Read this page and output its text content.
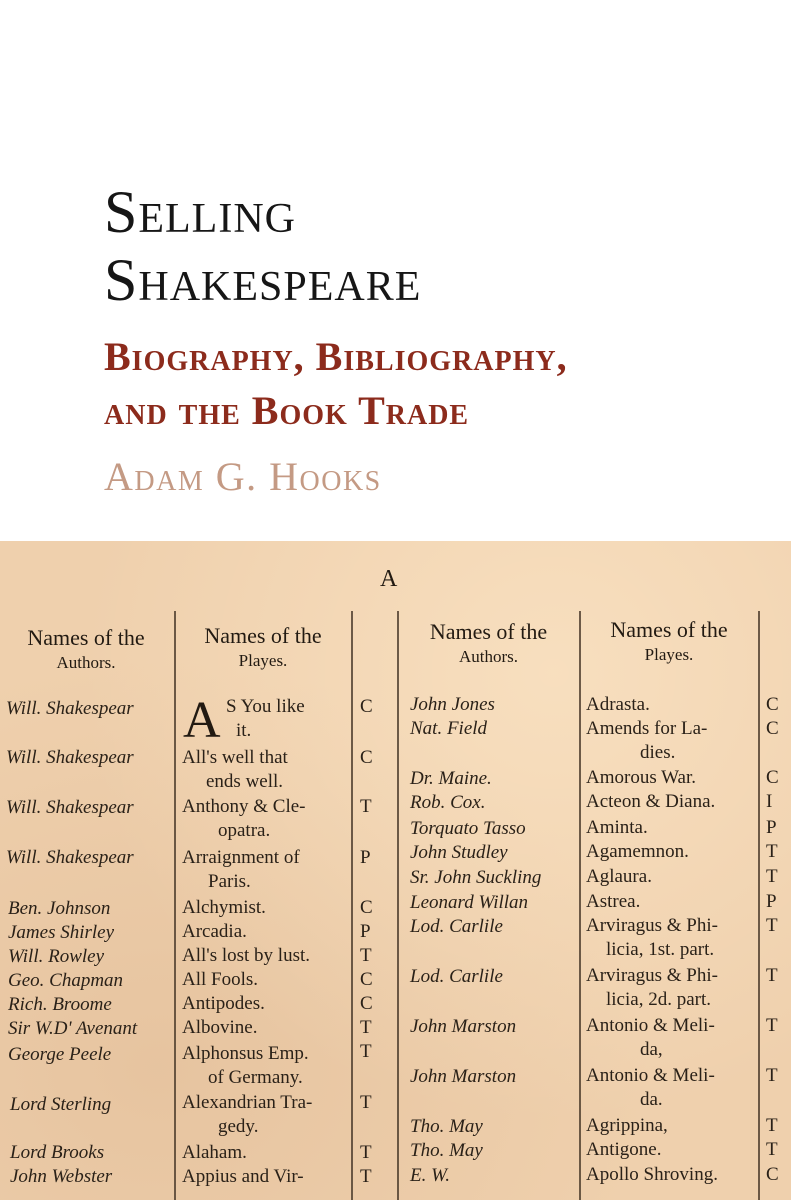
Selling
Shakespeare
Biography, Bibliography,
and the Book Trade
Adam G. Hooks
A
Names of the
Authors.
Names of the
Playes.
Names of the
Authors.
Names of the
Playes.
A
Will. Shakespear
Will. Shakespear
Will. Shakespear
Will. Shakespear
Ben. Johnson
James Shirley
Will. Rowley
Geo. Chapman
Rich. Broome
Sir W.D' Avenant
George Peele
Lord Sterling
Lord Brooks
John Webster
S You like
it.
All's well that
ends well.
Anthony & Cle-
opatra.
Arraignment of
Paris.
Alchymist.
Arcadia.
All's lost by lust.
All Fools.
Antipodes.
Albovine.
Alphonsus Emp.
of Germany.
Alexandrian Tra-
gedy.
Alaham.
Appius and Vir-
C
C
T
P
C
P
T
C
C
T
T
T
T
T
John Jones
Nat. Field
Dr. Maine.
Rob. Cox.
Torquato Tasso
John Studley
Sr. John Suckling
Leonard Willan
Lod. Carlile
Lod. Carlile
John Marston
John Marston
Tho. May
Tho. May
E. W.
Adrasta.
Amends for La-
dies.
Amorous War.
Acteon & Diana.
Aminta.
Agamemnon.
Aglaura.
Astrea.
Arviragus & Phi-
licia, 1st. part.
Arviragus & Phi-
licia, 2d. part.
Antonio & Meli-
da,
Antonio & Meli-
da.
Agrippina,
Antigone.
Apollo Shroving.
C
C
C
I
P
T
T
P
T
T
T
T
T
T
C
